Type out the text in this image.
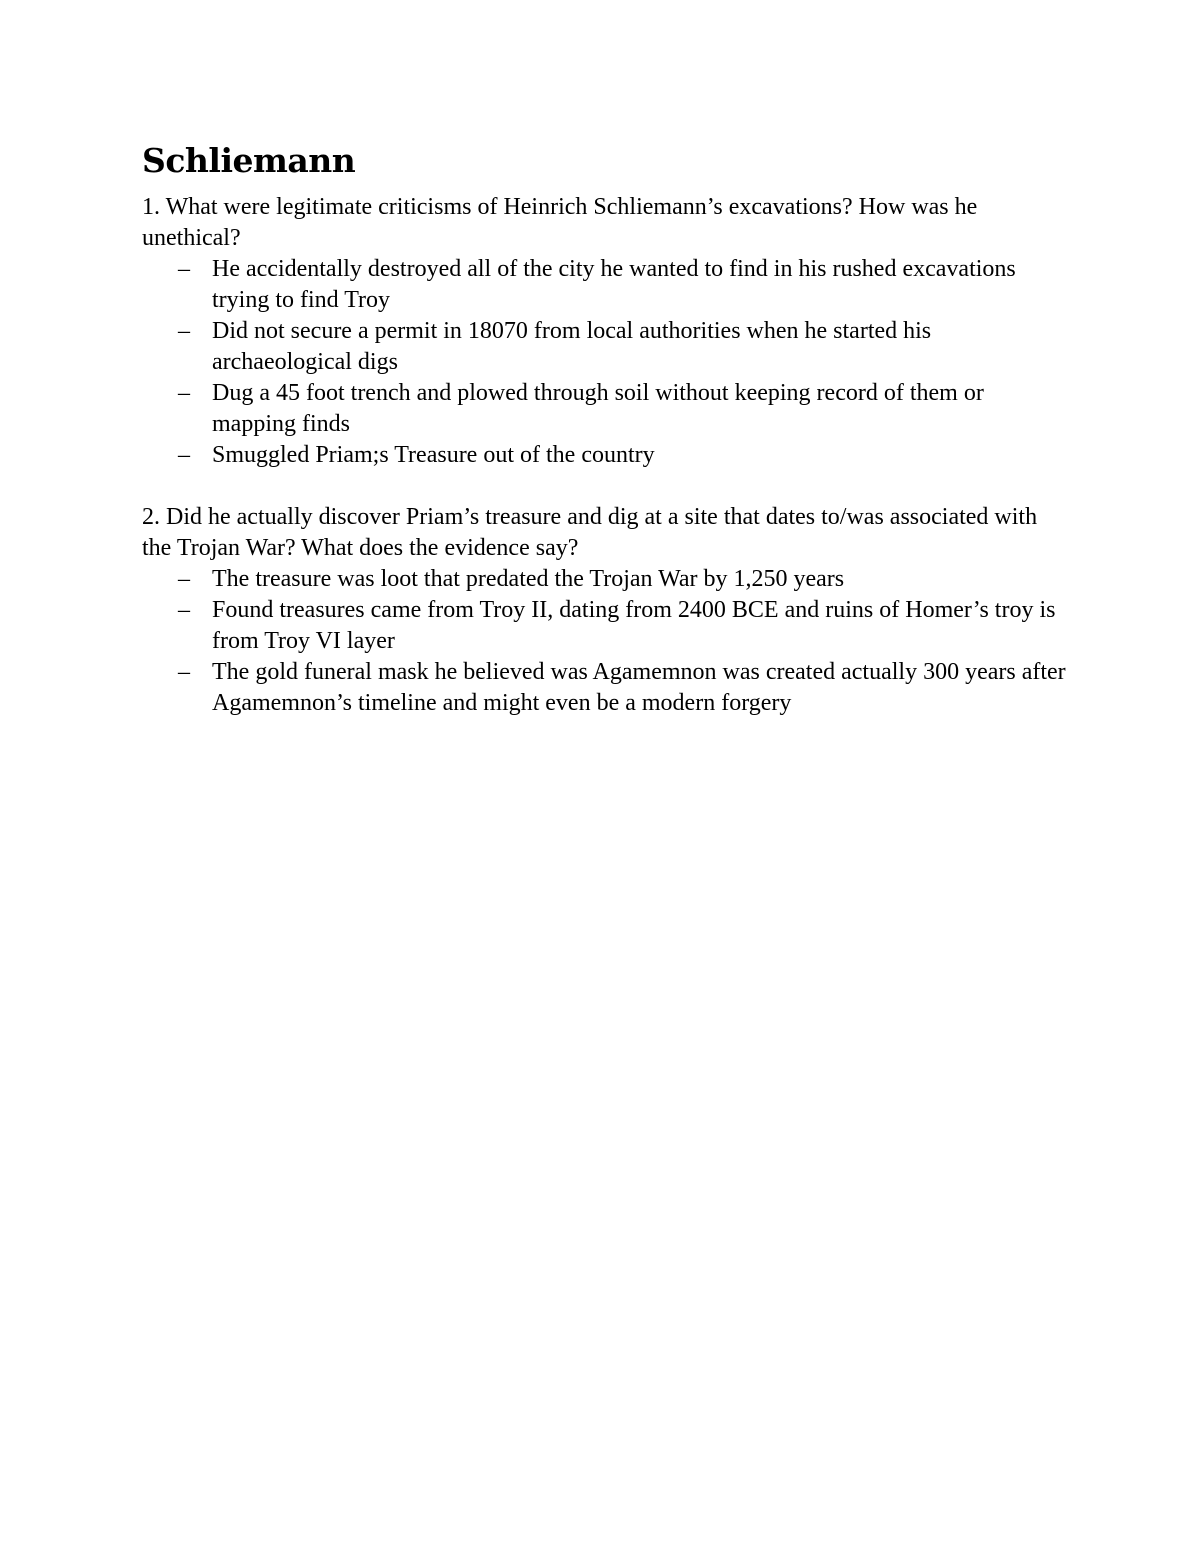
Schliemann

1. What were legitimate criticisms of Heinrich Schliemann’s excavations? How was he unethical?

– He accidentally destroyed all of the city he wanted to find in his rushed excavations trying to find Troy
– Did not secure a permit in 18070 from local authorities when he started his archaeological digs
– Dug a 45 foot trench and plowed through soil without keeping record of them or mapping finds
– Smuggled Priam;s Treasure out of the country

2. Did he actually discover Priam’s treasure and dig at a site that dates to/was associated with the Trojan War? What does the evidence say?

– The treasure was loot that predated the Trojan War by 1,250 years
– Found treasures came from Troy II, dating from 2400 BCE and ruins of Homer’s troy is from Troy VI layer
– The gold funeral mask he believed was Agamemnon was created actually 300 years after Agamemnon’s timeline and might even be a modern forgery
